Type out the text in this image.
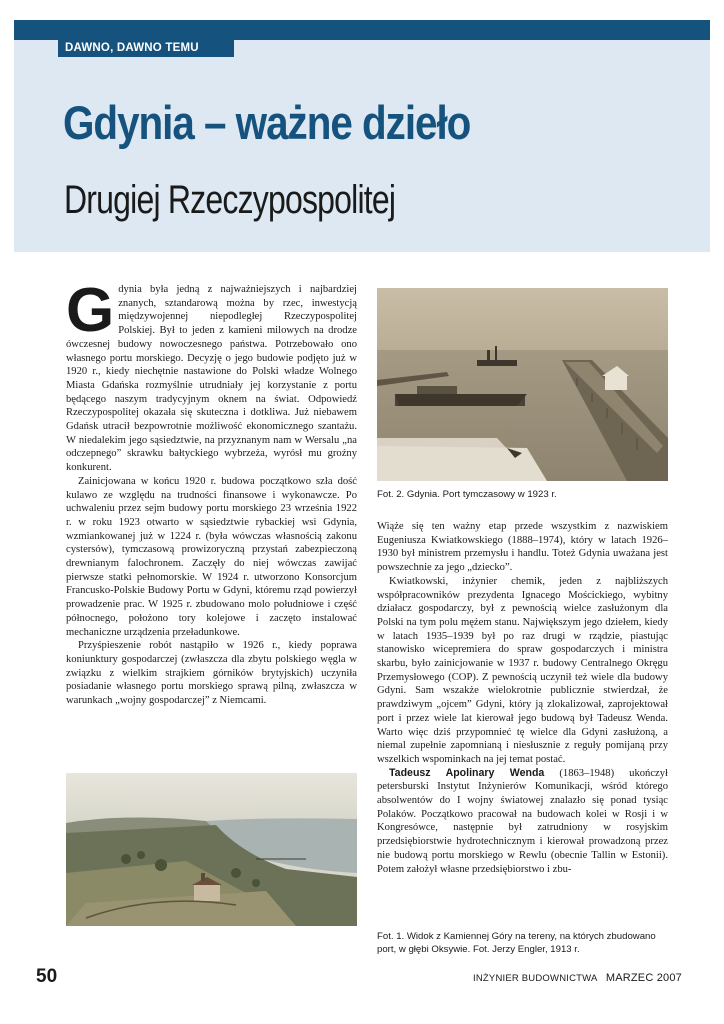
DAWNO, DAWNO TEMU
Gdynia – ważne dzieło
Drugiej Rzeczypospolitej
G dynia była jedną z najważniejszych i najbardziej znanych, sztandarową można by rzec, inwestycją międzywojennej niepodległej Rzeczypospolitej Polskiej. Był to jeden z kamieni milowych na drodze ówczesnej budowy nowoczesnego państwa. Potrzebowało ono własnego portu morskiego. Decyzję o jego budowie podjęto już w 1920 r., kiedy niechętnie nastawione do Polski władze Wolnego Miasta Gdańska rozmyślnie utrudniały jej korzystanie z portu będącego naszym tradycyjnym oknem na świat. Odpowiedź Rzeczypospolitej okazała się skuteczna i dotkliwa. Już niebawem Gdańsk utracił bezpowrotnie możliwość ekonomicznego szantażu. W niedalekim jego sąsiedztwie, na przyznanym nam w Wersalu „na odczepnego” skrawku bałtyckiego wybrzeża, wyrósł mu groźny konkurent.

Zainicjowana w końcu 1920 r. budowa początkowo szła dość kulawo ze względu na trudności finansowe i wykonawcze. Po uchwaleniu przez sejm budowy portu morskiego 23 września 1922 r. w roku 1923 otwarto w sąsiedztwie rybackiej wsi Gdynia, wzmiankowanej już w 1224 r. (była wówczas własnością zakonu cystersów), tymczasową prowizoryczną przystań zabezpieczoną drewnianym falochronem. Zaczęły do niej wówczas zawijać pierwsze statki pełnomorskie. W 1924 r. utworzono Konsorcjum Francusko-Polskie Budowy Portu w Gdyni, któremu rząd powierzył prowadzenie prac. W 1925 r. zbudowano molo południowe i część północnego, położono tory kolejowe i zaczęto instalować mechaniczne urządzenia przeładunkowe.

Przyśpieszenie robót nastąpiło w 1926 r., kiedy poprawa koniunktury gospodarczej (zwłaszcza dla zbytu polskiego węgla w związku z wielkim strajkiem górników brytyjskich) uczyniła posiadanie własnego portu morskiego sprawą pilną, zwłaszcza w warunkach „wojny gospodarczej” z Niemcami.

Fot. 2. Gdynia. Port tymczasowy w 1923 r.

Wiąże się ten ważny etap przede wszystkim z nazwiskiem Eugeniusza Kwiatkowskiego (1888–1974), który w latach 1926–1930 był ministrem przemysłu i handlu. Toteż Gdynia uważana jest powszechnie za jego „dziecko”.

Kwiatkowski, inżynier chemik, jeden z najbliższych współpracowników prezydenta Ignacego Mościckiego, wybitny działacz gospodarczy, był z pewnością wielce zasłużonym dla Polski na tym polu mężem stanu. Największym jego dziełem, kiedy w latach 1935–1939 był po raz drugi w rządzie, piastując stanowisko wicepremiera do spraw gospodarczych i ministra skarbu, było zainicjowanie w 1937 r. budowy Centralnego Okręgu Przemysłowego (COP). Z pewnością uczynił też wiele dla budowy Gdyni. Sam wszakże wielokrotnie publicznie stwierdzał, że prawdziwym „ojcem” Gdyni, który ją zlokalizował, zaprojektował port i przez wiele lat kierował jego budową był Tadeusz Wenda. Warto więc dziś przypomnieć tę wielce dla Gdyni zasłużoną, a niemal zupełnie zapomnianą i niesłusznie z reguły pomijaną przy wszelkich wspominkach na jej temat postać.

Tadeusz Apolinary Wenda (1863–1948) ukończył petersburski Instytut Inżynierów Komunikacji, wśród którego absolwentów do I wojny światowej znalazło się ponad tysiąc Polaków. Początkowo pracował na budowach kolei w Rosji i w Kongresówce, następnie był zatrudniony w rosyjskim przedsiębiorstwie hydrotechnicznym i kierował prowadzoną przez nie budową portu morskiego w Rewlu (obecnie Tallin w Estonii). Potem założył własne przedsiębiorstwo i zbu-

Fot. 1. Widok z Kamiennej Góry na tereny, na których zbudowano port, w głębi Oksywie. Fot. Jerzy Engler, 1913 r.
50	INŻYNIER BUDOWNICTWA MARZEC 2007
